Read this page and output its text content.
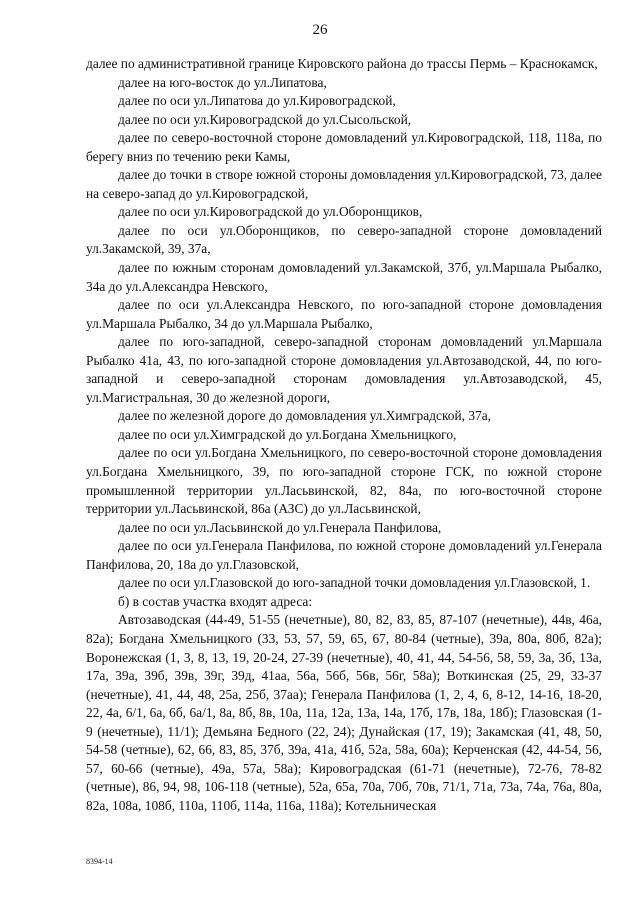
26

далее по административной границе Кировского района до трассы Пермь – Краснокамск,

далее на юго-восток до ул.Липатова,

далее по оси ул.Липатова до ул.Кировоградской,

далее по оси ул.Кировоградской до ул.Сысольской,

далее по северо-восточной стороне домовладений ул.Кировоградской, 118, 118а, по берегу вниз по течению реки Камы,

далее до точки в створе южной стороны домовладения ул.Кировоградской, 73, далее на северо-запад до ул.Кировоградской,

далее по оси ул.Кировоградской до ул.Оборонщиков,

далее по оси ул.Оборонщиков, по северо-западной стороне домовладений ул.Закамской, 39, 37а,

далее по южным сторонам домовладений ул.Закамской, 37б, ул.Маршала Рыбалко, 34а до ул.Александра Невского,

далее по оси ул.Александра Невского, по юго-западной стороне домовладения ул.Маршала Рыбалко, 34 до ул.Маршала Рыбалко,

далее по юго-западной, северо-западной сторонам домовладений ул.Маршала Рыбалко 41а, 43, по юго-западной стороне домовладения ул.Автозаводской, 44, по юго-западной и северо-западной сторонам домовладения ул.Автозаводской, 45, ул.Магистральная, 30 до железной дороги,

далее по железной дороге до домовладения ул.Химградской, 37а,

далее по оси ул.Химградской до ул.Богдана Хмельницкого,

далее по оси ул.Богдана Хмельницкого, по северо-восточной стороне домовладения ул.Богдана Хмельницкого, 39, по юго-западной стороне ГСК, по южной стороне промышленной территории ул.Ласьвинской, 82, 84а, по юго-восточной стороне территории ул.Ласьвинской, 86а (АЗС) до ул.Ласьвинской,

далее по оси ул.Ласьвинской до ул.Генерала Панфилова,

далее по оси ул.Генерала Панфилова, по южной стороне домовладений ул.Генерала Панфилова, 20, 18а до ул.Глазовской,

далее по оси ул.Глазовской до юго-западной точки домовладения ул.Глазовской, 1.

б) в состав участка входят адреса:

Автозаводская (44-49, 51-55 (нечетные), 80, 82, 83, 85, 87-107 (нечетные), 44в, 46а, 82а); Богдана Хмельницкого (33, 53, 57, 59, 65, 67, 80-84 (четные), 39а, 80а, 80б, 82а); Воронежская (1, 3, 8, 13, 19, 20-24, 27-39 (нечетные), 40, 41, 44, 54-56, 58, 59, 3а, 3б, 13а, 17а, 39а, 39б, 39в, 39г, 39д, 41аа, 56а, 56б, 56в, 56г, 58а); Воткинская (25, 29, 33-37 (нечетные), 41, 44, 48, 25а, 25б, 37аа); Генерала Панфилова (1, 2, 4, 6, 8-12, 14-16, 18-20, 22, 4а, 6/1, 6а, 6б, 6а/1, 8а, 8б, 8в, 10а, 11а, 12а, 13а, 14а, 17б, 17в, 18а, 18б); Глазовская (1-9 (нечетные), 11/1); Демьяна Бедного (22, 24); Дунайская (17, 19); Закамская (41, 48, 50, 54-58 (четные), 62, 66, 83, 85, 37б, 39а, 41а, 41б, 52а, 58а, 60а); Керченская (42, 44-54, 56, 57, 60-66 (четные), 49а, 57а, 58а); Кировоградская (61-71 (нечетные), 72-76, 78-82 (четные), 86, 94, 98, 106-118 (четные), 52а, 65а, 70а, 70б, 70в, 71/1, 71а, 73а, 74а, 76а, 80а, 82а, 108а, 108б, 110а, 110б, 114а, 116а, 118а); Котельническая

8394-14
